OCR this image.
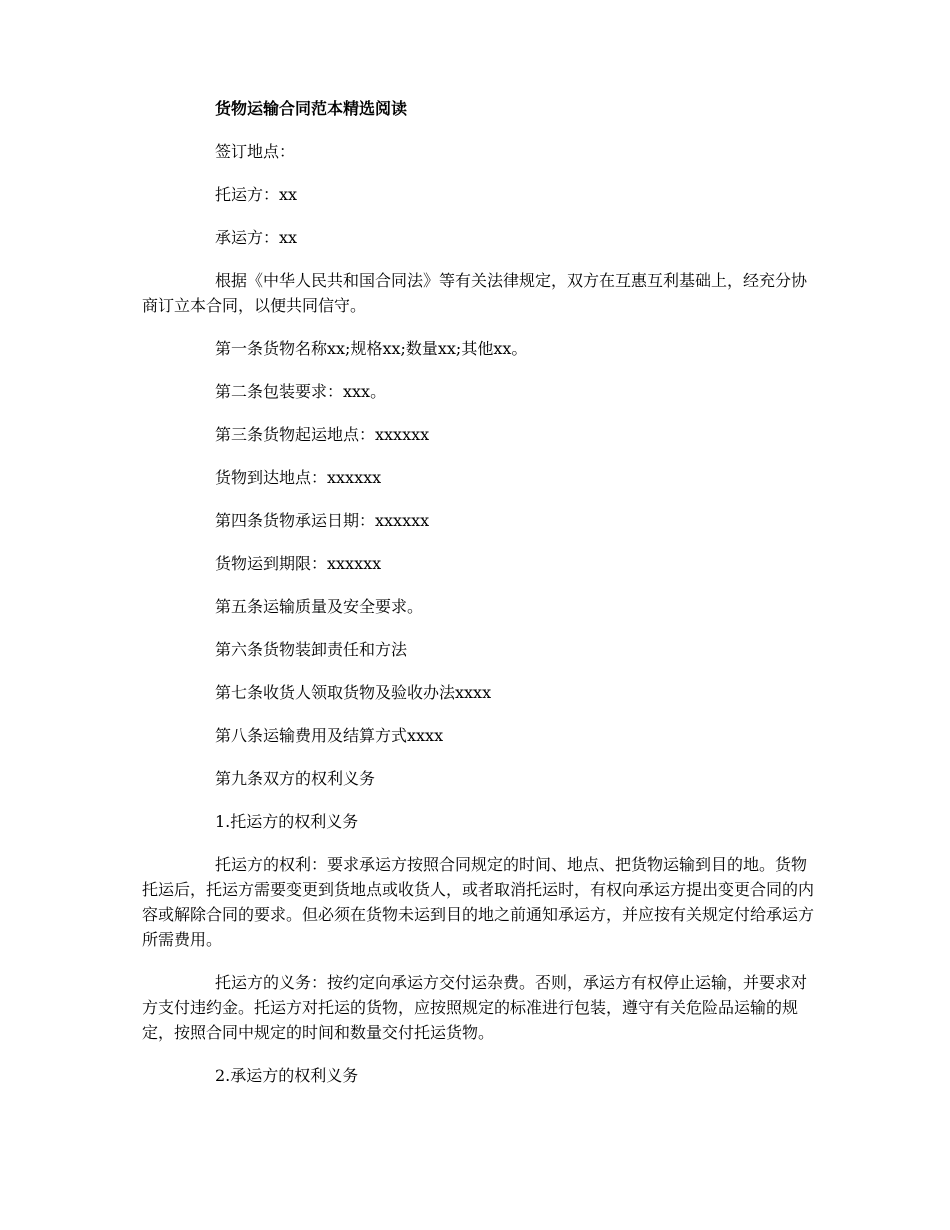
货物运输合同范本精选阅读

签订地点：

托运方：xx

承运方：xx

根据《中华人民共和国合同法》等有关法律规定，双方在互惠互利基础上，经充分协商订立本合同，以便共同信守。

第一条货物名称xx;规格xx;数量xx;其他xx。

第二条包装要求：xxx。

第三条货物起运地点：xxxxxx

货物到达地点：xxxxxx

第四条货物承运日期：xxxxxx

货物运到期限：xxxxxx

第五条运输质量及安全要求。

第六条货物装卸责任和方法

第七条收货人领取货物及验收办法xxxx

第八条运输费用及结算方式xxxx

第九条双方的权利义务

1.托运方的权利义务

托运方的权利：要求承运方按照合同规定的时间、地点、把货物运输到目的地。货物托运后，托运方需要变更到货地点或收货人，或者取消托运时，有权向承运方提出变更合同的内容或解除合同的要求。但必须在货物未运到目的地之前通知承运方，并应按有关规定付给承运方所需费用。

托运方的义务：按约定向承运方交付运杂费。否则，承运方有权停止运输，并要求对方支付违约金。托运方对托运的货物，应按照规定的标准进行包装，遵守有关危险品运输的规定，按照合同中规定的时间和数量交付托运货物。

2.承运方的权利义务
